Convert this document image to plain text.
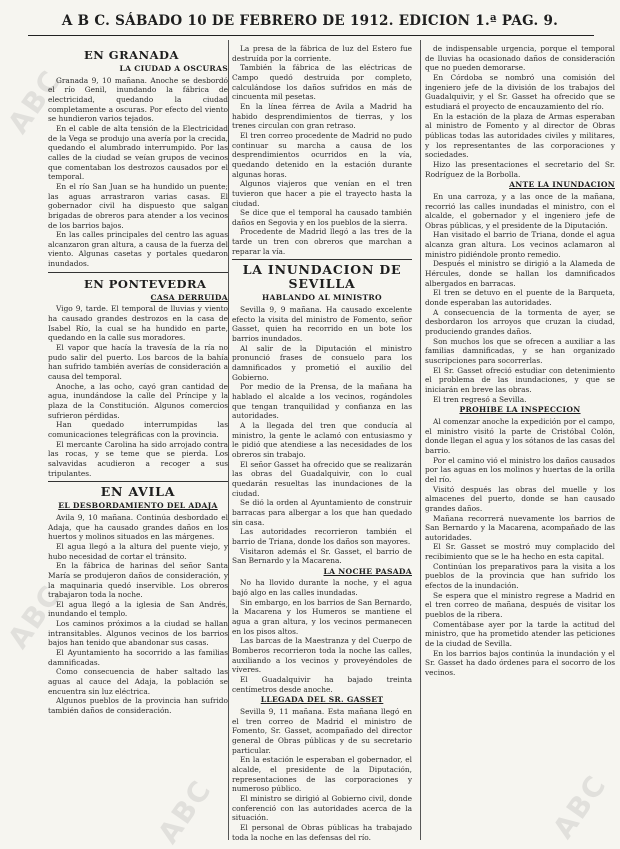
ABC
ABC
ABC	ABC
A B C. SÁBADO 10 DE FEBRERO DE 1912. EDICION 1.ª PAG. 9.
EN GRANADA
LA CIUDAD A OSCURAS

Granada 9, 10 mañana. Anoche se desbordó el río Genil, inundando la fábrica de electricidad, quedando la ciudad completamente a oscuras. Por efecto del viento se hundieron varios tejados.

En el cable de alta tensión de la Electricidad de la Vega se produjo una avería por la crecida, quedando el alumbrado interrumpido. Por las calles de la ciudad se veían grupos de vecinos que comentaban los destrozos causados por el temporal.

En el río San Juan se ha hundido un puente; las aguas arrastraron varias casas. El gobernador civil ha dispuesto que salgan brigadas de obreros para atender a los vecinos de los barrios bajos.

En las calles principales del centro las aguas alcanzaron gran altura, a causa de la fuerza del viento. Algunas casetas y portales quedaron inundados.

EN PONTEVEDRA
CASA DERRUIDA

Vigo 9, tarde. El temporal de lluvias y viento ha causado grandes destrozos en la casa de Isabel Río, la cual se ha hundido en parte, quedando en la calle sus moradores.

El vapor que hacía la travesía de la ría no pudo salir del puerto. Los barcos de la bahía han sufrido también averías de consideración a causa del temporal.

Anoche, a las ocho, cayó gran cantidad de agua, inundándose la calle del Príncipe y la plaza de la Constitución. Algunos comercios sufrieron pérdidas.

Han quedado interrumpidas las comunicaciones telegráficas con la provincia.

El mercante Carolina ha sido arrojado contra las rocas, y se teme que se pierda. Los salvavidas acudieron a recoger a sus tripulantes.

EN AVILA
EL DESBORDAMIENTO DEL ADAJA

Avila 9, 10 mañana. Continúa desbordado el Adaja, que ha causado grandes daños en los huertos y molinos situados en las márgenes.

El agua llegó a la altura del puente viejo, y hubo necesidad de cortar el tránsito.

En la fábrica de harinas del señor Santa María se produjeron daños de consideración, y la maquinaria quedó inservible. Los obreros trabajaron toda la noche.

El agua llegó a la iglesia de San Andrés, inundando el templo.

Los caminos próximos a la ciudad se hallan intransitables. Algunos vecinos de los barrios bajos han tenido que abandonar sus casas.

El Ayuntamiento ha socorrido a las familias damnificadas.

Como consecuencia de haber saltado las aguas al cauce del Adaja, la población se encuentra sin luz eléctrica.

Algunos pueblos de la provincia han sufrido también daños de consideración.

La presa de la fábrica de luz del Estero fue destruída por la corriente.

También la fábrica de las eléctricas de Campo quedó destruida por completo, calculándose los daños sufridos en más de cincuenta mil pesetas.

En la línea férrea de Avila a Madrid ha habido desprendimientos de tierras, y los trenes circulan con gran retraso.

El tren correo procedente de Madrid no pudo continuar su marcha a causa de los desprendimientos ocurridos en la vía, quedando detenido en la estación durante algunas horas.

Algunos viajeros que venían en el tren tuvieron que hacer a pie el trayecto hasta la ciudad.

Se dice que el temporal ha causado también daños en Segovia y en los pueblos de la sierra.

Procedente de Madrid llegó a las tres de la tarde un tren con obreros que marchan a reparar la vía.

LA INUNDACION DE SEVILLA
HABLANDO AL MINISTRO

Sevilla 9, 9 mañana. Ha causado excelente efecto la visita del ministro de Fomento, señor Gasset, quien ha recorrido en un bote los barrios inundados.

Al salir de la Diputación el ministro pronunció frases de consuelo para los damnificados y prometió el auxilio del Gobierno.

Por medio de la Prensa, de la mañana ha hablado el alcalde a los vecinos, rogándoles que tengan tranquilidad y confianza en las autoridades.

A la llegada del tren que conducía al ministro, la gente le aclamó con entusiasmo y le pidió que atendiese a las necesidades de los obreros sin trabajo.

El señor Gasset ha ofrecido que se realizarán las obras del Guadalquivir, con lo cual quedarán resueltas las inundaciones de la ciudad.

Se dió la orden al Ayuntamiento de construir barracas para albergar a los que han quedado sin casa.

Las autoridades recorrieron también el barrio de Triana, donde los daños son mayores.

Visitaron además el Sr. Gasset, el barrio de San Bernardo y la Macarena.

LA NOCHE PASADA

No ha llovido durante la noche, y el agua bajó algo en las calles inundadas.

Sin embargo, en los barrios de San Bernardo, la Macarena y los Humeros se mantiene el agua a gran altura, y los vecinos permanecen en los pisos altos.

Las barcas de la Maestranza y del Cuerpo de Bomberos recorrieron toda la noche las calles, auxiliando a los vecinos y proveyéndoles de víveres.

El Guadalquivir ha bajado treinta centímetros desde anoche.

LLEGADA DEL SR. GASSET

Sevilla 9, 11 mañana. Esta mañana llegó en el tren correo de Madrid el ministro de Fomento, Sr. Gasset, acompañado del director general de Obras públicas y de su secretario particular.

En la estación le esperaban el gobernador, el alcalde, el presidente de la Diputación, representaciones de las corporaciones y numeroso público.

El ministro se dirigió al Gobierno civil, donde conferenció con las autoridades acerca de la situación.

El personal de Obras públicas ha trabajado toda la noche en las defensas del río.

de indispensable urgencia, porque el temporal de lluvias ha ocasionado daños de consideración que no pueden demorarse.

En Córdoba se nombró una comisión del ingeniero jefe de la división de los trabajos del Guadalquivir, y el Sr. Gasset ha ofrecido que se estudiará el proyecto de encauzamiento del río.

En la estación de la plaza de Armas esperaban al ministro de Fomento y al director de Obras públicas todas las autoridades civiles y militares, y los representantes de las corporaciones y sociedades.

Hizo las presentaciones el secretario del Sr. Rodríguez de la Borbolla.

ANTE LA INUNDACION

En una carroza, y a las once de la mañana, recorrió las calles inundadas el ministro, con el alcalde, el gobernador y el ingeniero jefe de Obras públicas, y el presidente de la Diputación.

Han visitado el barrio de Triana, donde el agua alcanza gran altura. Los vecinos aclamaron al ministro pidiéndole pronto remedio.

Después el ministro se dirigió a la Alameda de Hércules, donde se hallan los damnificados albergados en barracas.

El tren se detuvo en el puente de la Barqueta, donde esperaban las autoridades.

A consecuencia de la tormenta de ayer, se desbordaron los arroyos que cruzan la ciudad, produciendo grandes daños.

Son muchos los que se ofrecen a auxiliar a las familias damnificadas, y se han organizado suscripciones para socorrerlas.

El Sr. Gasset ofreció estudiar con detenimiento el problema de las inundaciones, y que se iniciarán en breve las obras.

El tren regresó a Sevilla.

PROHIBE LA INSPECCION

Al comenzar anoche la expedición por el campo, el ministro visitó la parte de Cristóbal Colón, donde llegan el agua y los sótanos de las casas del barrio.

Por el camino vió el ministro los daños causados por las aguas en los molinos y huertas de la orilla del río.

Visitó después las obras del muelle y los almacenes del puerto, donde se han causado grandes daños.

Mañana recorrerá nuevamente los barrios de San Bernardo y la Macarena, acompañado de las autoridades.

El Sr. Gasset se mostró muy complacido del recibimiento que se le ha hecho en esta capital.

Continúan los preparativos para la visita a los pueblos de la provincia que han sufrido los efectos de la inundación.

Se espera que el ministro regrese a Madrid en el tren correo de mañana, después de visitar los pueblos de la ribera.

Comentábase ayer por la tarde la actitud del ministro, que ha prometido atender las peticiones de la ciudad de Sevilla.

En los barrios bajos continúa la inundación y el Sr. Gasset ha dado órdenes para el socorro de los vecinos.
